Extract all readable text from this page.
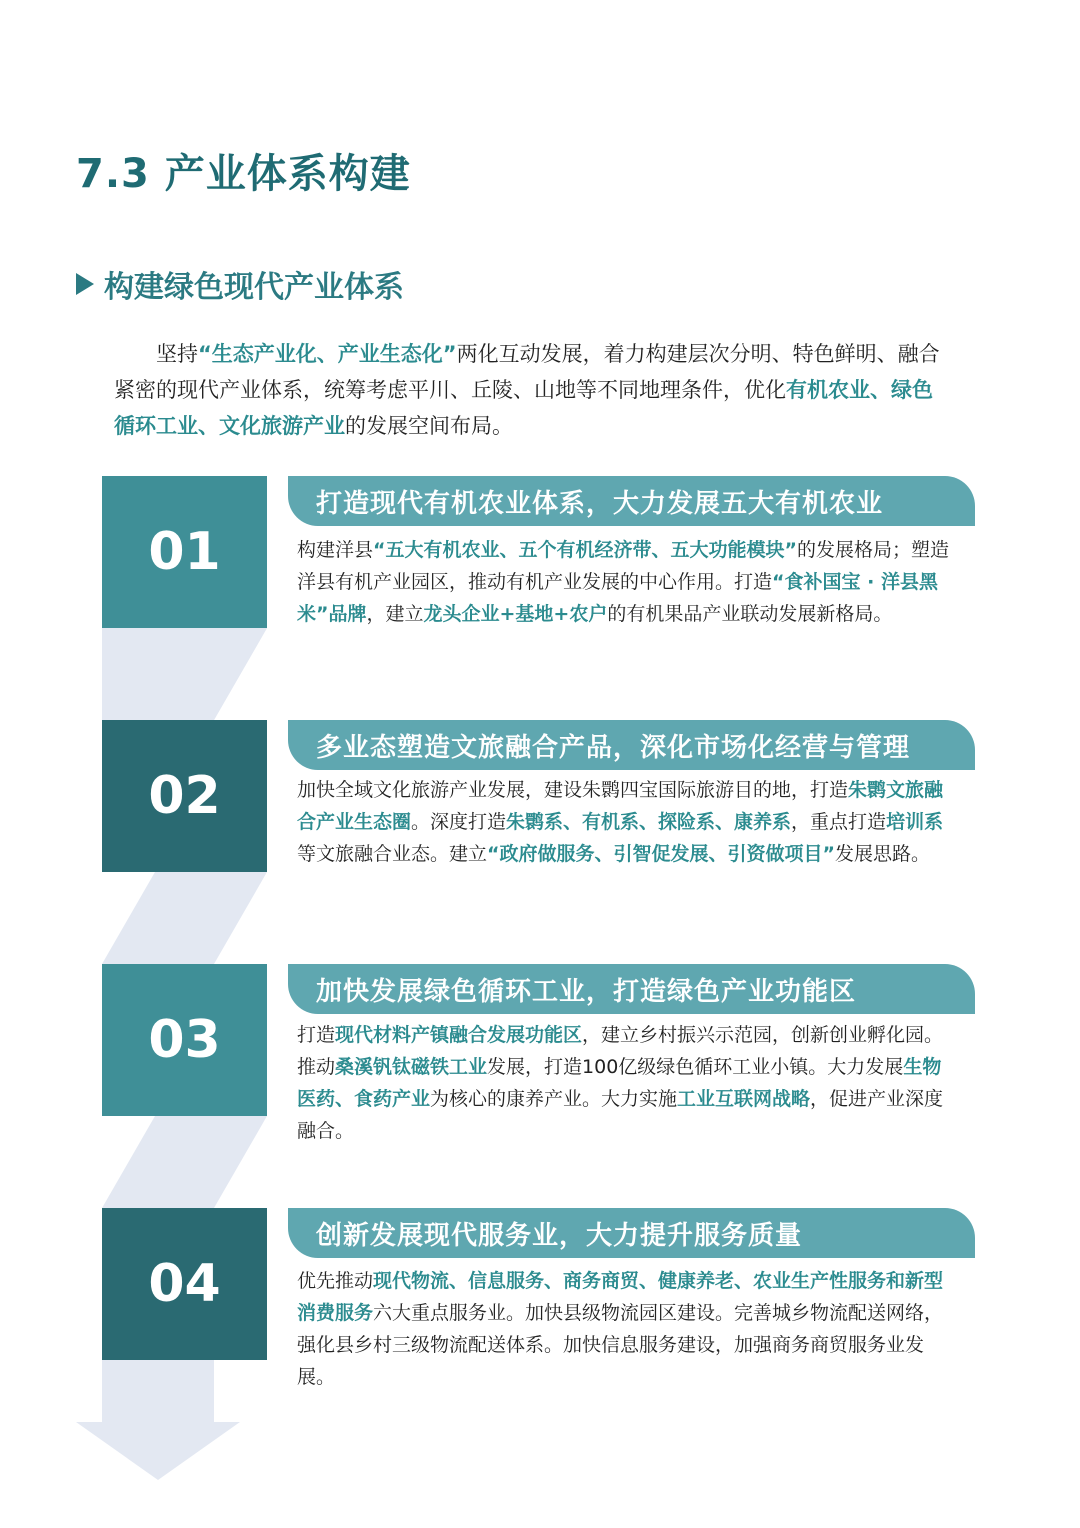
7.3 产业体系构建
构建绿色现代产业体系

坚持“生态产业化、产业生态化”两化互动发展，着力构建层次分明、特色鲜明、融合紧密的现代产业体系，统筹考虑平川、丘陵、山地等不同地理条件，优化有机农业、绿色循环工业、文化旅游产业的发展空间布局。

01
打造现代有机农业体系，大力发展五大有机农业

构建洋县“五大有机农业、五个有机经济带、五大功能模块”的发展格局；塑造洋县有机产业园区，推动有机产业发展的中心作用。打造“食补国宝 · 洋县黑米”品牌，建立龙头企业+基地+农户的有机果品产业联动发展新格局。

02
多业态塑造文旅融合产品，深化市场化经营与管理

加快全域文化旅游产业发展，建设朱鹮四宝国际旅游目的地，打造朱鹮文旅融合产业生态圈。深度打造朱鹮系、有机系、探险系、康养系，重点打造培训系等文旅融合业态。建立“政府做服务、引智促发展、引资做项目”发展思路。

03
加快发展绿色循环工业，打造绿色产业功能区

打造现代材料产镇融合发展功能区，建立乡村振兴示范园，创新创业孵化园。推动桑溪钒钛磁铁工业发展，打造100亿级绿色循环工业小镇。大力发展生物医药、食药产业为核心的康养产业。大力实施工业互联网战略，促进产业深度融合。

04
创新发展现代服务业，大力提升服务质量

优先推动现代物流、信息服务、商务商贸、健康养老、农业生产性服务和新型消费服务六大重点服务业。加快县级物流园区建设。完善城乡物流配送网络，强化县乡村三级物流配送体系。加快信息服务建设，加强商务商贸服务业发展。
